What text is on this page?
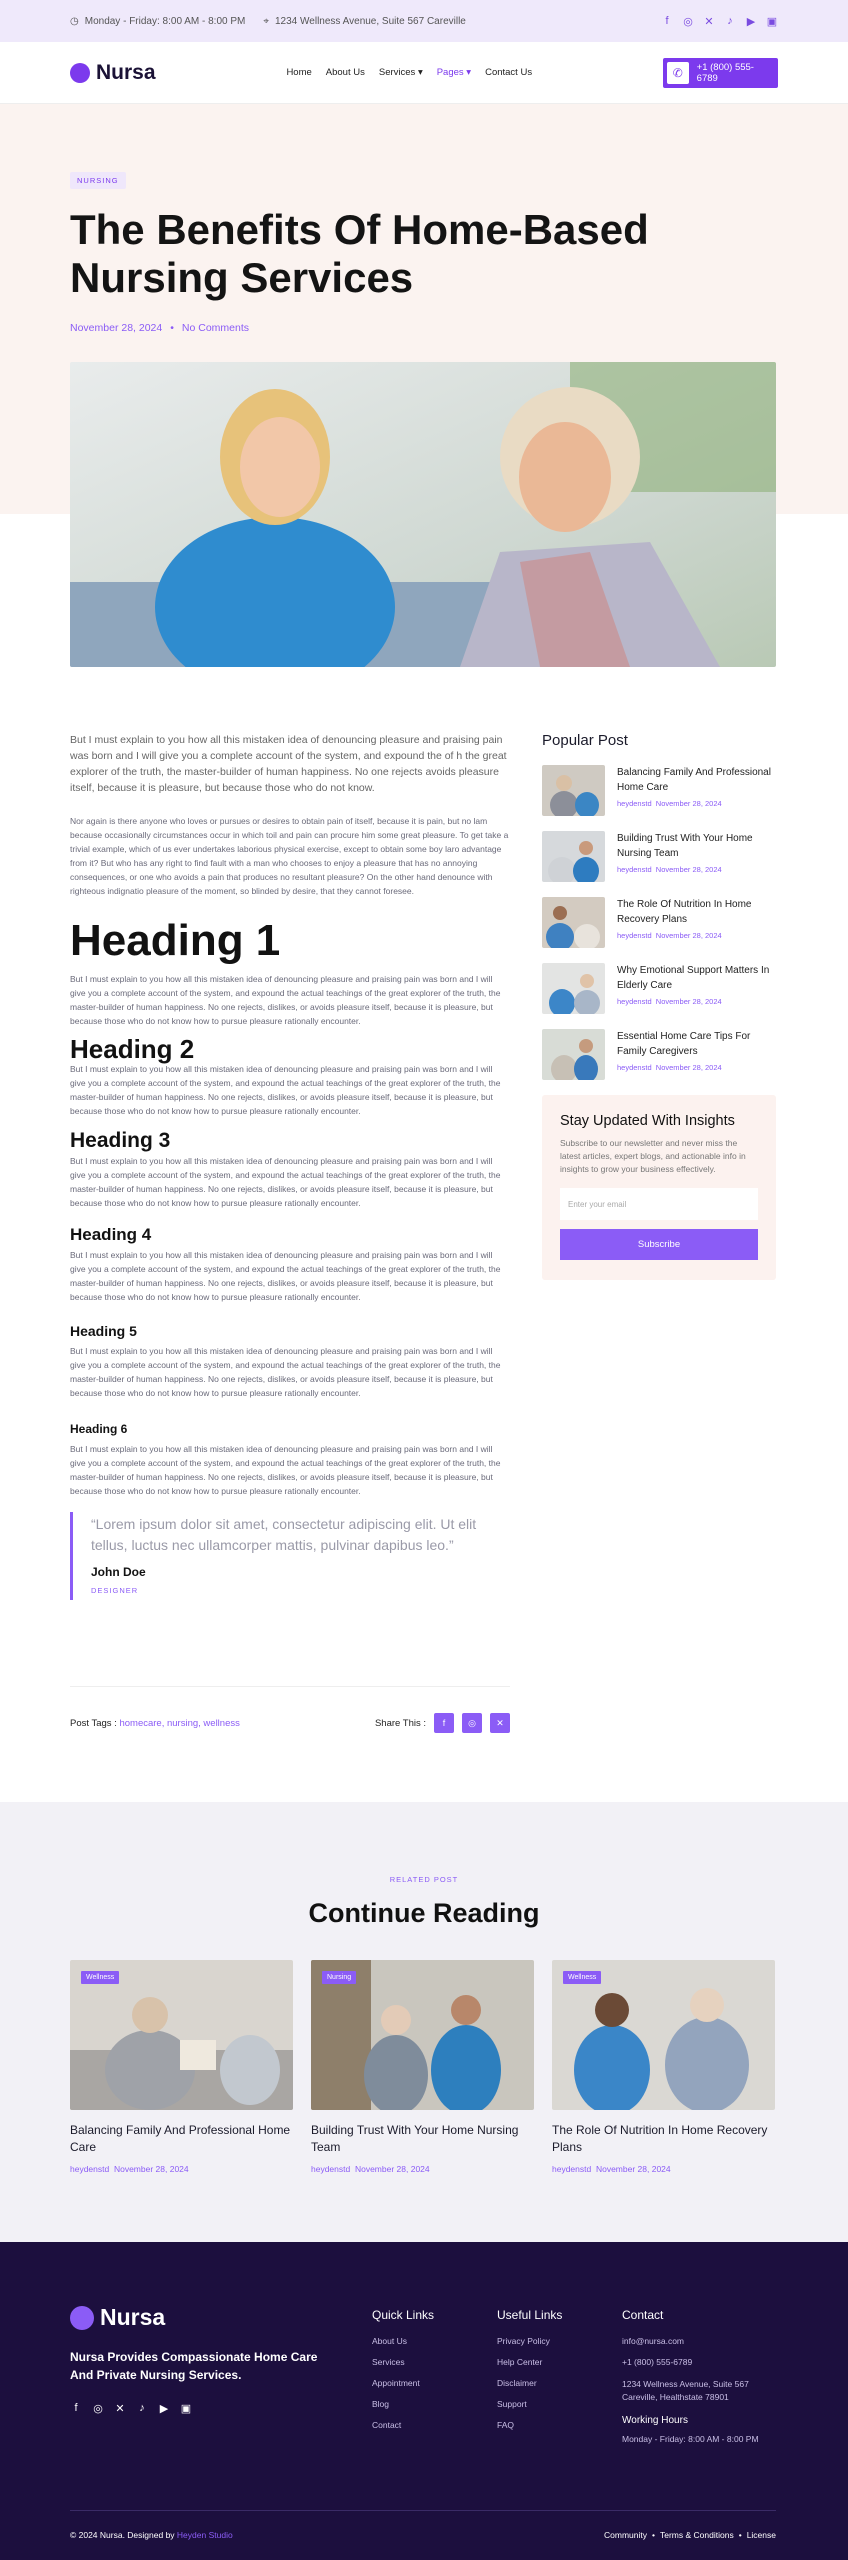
◷ Monday - Friday: 8:00 AM - 8:00 PM ⌖ 1234 Wellness Avenue, Suite 567 Careville	f	◎ ✕ ♪ ▶ ▣
Nursa	Home About Us Services ▾ Pages ▾ Contact Us	✆	+1 (800) 555-6789
NURSING
The Benefits Of Home-Based Nursing Services
November 28, 2024 • No Comments

But I must explain to you how all this mistaken idea of denouncing pleasure and praising pain was born and I will give you a complete account of the system, and expound the of h the great explorer of the truth, the master-builder of human happiness. No one rejects avoids pleasure itself, because it is pleasure, but because those who do not know.

Nor again is there anyone who loves or pursues or desires to obtain pain of itself, because it is pain, but no lam because occasionally circumstances occur in which toil and pain can procure him some great pleasure. To get take a trivial example, which of us ever undertakes laborious physical exercise, except to obtain some boy laro advantage from it? But who has any right to find fault with a man who chooses to enjoy a pleasure that has no annoying consequences, or one who avoids a pain that produces no resultant pleasure? On the other hand denounce with righteous indignatio pleasure of the moment, so blinded by desire, that they cannot foresee.

Heading 1

But I must explain to you how all this mistaken idea of denouncing pleasure and praising pain was born and I will give you a complete account of the system, and expound the actual teachings of the great explorer of the truth, the master-builder of human happiness. No one rejects, dislikes, or avoids pleasure itself, because it is pleasure, but because those who do not know how to pursue pleasure rationally encounter.

Heading 2

But I must explain to you how all this mistaken idea of denouncing pleasure and praising pain was born and I will give you a complete account of the system, and expound the actual teachings of the great explorer of the truth, the master-builder of human happiness. No one rejects, dislikes, or avoids pleasure itself, because it is pleasure, but because those who do not know how to pursue pleasure rationally encounter.

Heading 3

But I must explain to you how all this mistaken idea of denouncing pleasure and praising pain was born and I will give you a complete account of the system, and expound the actual teachings of the great explorer of the truth, the master-builder of human happiness. No one rejects, dislikes, or avoids pleasure itself, because it is pleasure, but because those who do not know how to pursue pleasure rationally encounter.

Heading 4

But I must explain to you how all this mistaken idea of denouncing pleasure and praising pain was born and I will give you a complete account of the system, and expound the actual teachings of the great explorer of the truth, the master-builder of human happiness. No one rejects, dislikes, or avoids pleasure itself, because it is pleasure, but because those who do not know how to pursue pleasure rationally encounter.

Heading 5

But I must explain to you how all this mistaken idea of denouncing pleasure and praising pain was born and I will give you a complete account of the system, and expound the actual teachings of the great explorer of the truth, the master-builder of human happiness. No one rejects, dislikes, or avoids pleasure itself, because it is pleasure, but because those who do not know how to pursue pleasure rationally encounter.

Heading 6

But I must explain to you how all this mistaken idea of denouncing pleasure and praising pain was born and I will give you a complete account of the system, and expound the actual teachings of the great explorer of the truth, the master-builder of human happiness. No one rejects, dislikes, or avoids pleasure itself, because it is pleasure, but because those who do not know how to pursue pleasure rationally encounter.

“Lorem ipsum dolor sit amet, consectetur adipiscing elit. Ut elit tellus, luctus nec ullamcorper mattis, pulvinar dapibus leo.”

John Doe
DESIGNER
Post Tags : homecare, nursing, wellness	Share This :	f	◎	✕
Popular Post
Balancing Family And Professional Home Care
heydenstd November 28, 2024
Building Trust With Your Home Nursing Team
heydenstd November 28, 2024
The Role Of Nutrition In Home Recovery Plans
heydenstd November 28, 2024
Why Emotional Support Matters In Elderly Care
heydenstd November 28, 2024
Essential Home Care Tips For Family Caregivers
heydenstd November 28, 2024
Stay Updated With Insights

Subscribe to our newsletter and never miss the latest articles, expert blogs, and actionable info in insights to grow your business effectively.

Enter your email
Subscribe
RELATED POST
Continue Reading
Wellness
Balancing Family And Professional Home Care
heydenstd November 28, 2024
Nursing
Building Trust With Your Home Nursing Team
heydenstd November 28, 2024
Wellness
The Role Of Nutrition In Home Recovery Plans
heydenstd November 28, 2024
Nursa
Nursa Provides Compassionate Home Care And Private Nursing Services.
f	◎ ✕ ♪ ▶ ▣
Quick Links
About Us
Services
Appointment
Blog
Contact
Useful Links
Privacy Policy
Help Center
Disclaimer
Support
FAQ
Contact
info@nursa.com
+1 (800) 555-6789
1234 Wellness Avenue, Suite 567 Careville, Healthstate 78901
Working Hours
Monday - Friday: 8:00 AM - 8:00 PM
© 2024 Nursa. Designed by Heyden Studio	Community • Terms & Conditions • License
